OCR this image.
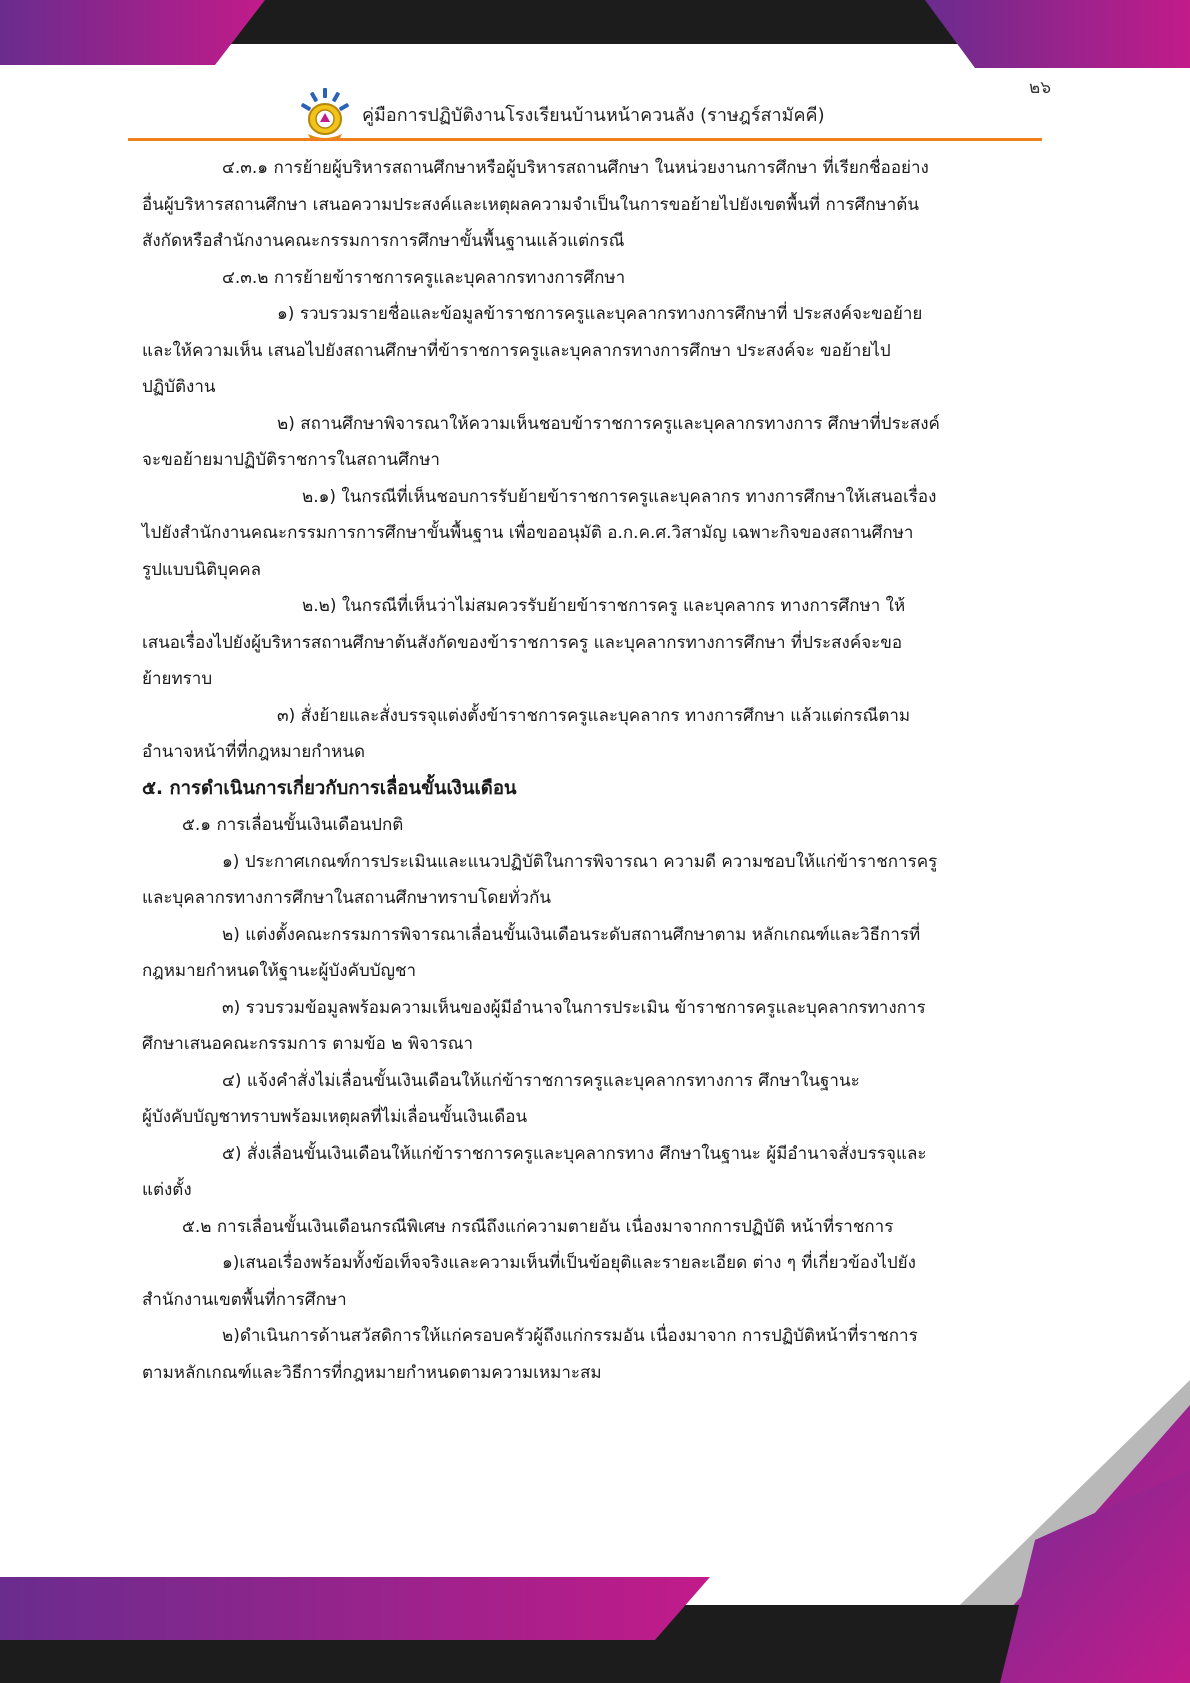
๒๖
คู่มือการปฏิบัติงานโรงเรียนบ้านหน้าควนลัง (ราษฎร์สามัคคี)

๔.๓.๑ การย้ายผู้บริหารสถานศึกษาหรือผู้บริหารสถานศึกษา ในหน่วยงานการศึกษา ที่เรียกชื่ออย่าง

อื่นผู้บริหารสถานศึกษา เสนอความประสงค์และเหตุผลความจำเป็นในการขอย้ายไปยังเขตพื้นที่ การศึกษาต้น

สังกัดหรือสำนักงานคณะกรรมการการศึกษาขั้นพื้นฐานแล้วแต่กรณี

๔.๓.๒ การย้ายข้าราชการครูและบุคลากรทางการศึกษา

๑) รวบรวมรายชื่อและข้อมูลข้าราชการครูและบุคลากรทางการศึกษาที่ ประสงค์จะขอย้าย

และให้ความเห็น เสนอไปยังสถานศึกษาที่ข้าราชการครูและบุคลากรทางการศึกษา ประสงค์จะ ขอย้ายไป

ปฏิบัติงาน

๒) สถานศึกษาพิจารณาให้ความเห็นชอบข้าราชการครูและบุคลากรทางการ ศึกษาที่ประสงค์

จะขอย้ายมาปฏิบัติราชการในสถานศึกษา

๒.๑) ในกรณีที่เห็นชอบการรับย้ายข้าราชการครูและบุคลากร ทางการศึกษาให้เสนอเรื่อง

ไปยังสำนักงานคณะกรรมการการศึกษาขั้นพื้นฐาน เพื่อขออนุมัติ อ.ก.ค.ศ.วิสามัญ เฉพาะกิจของสถานศึกษา

รูปแบบนิติบุคคล

๒.๒) ในกรณีที่เห็นว่าไม่สมควรรับย้ายข้าราชการครู และบุคลากร ทางการศึกษา ให้

เสนอเรื่องไปยังผู้บริหารสถานศึกษาต้นสังกัดของข้าราชการครู และบุคลากรทางการศึกษา ที่ประสงค์จะขอ

ย้ายทราบ

๓) สั่งย้ายและสั่งบรรจุแต่งตั้งข้าราชการครูและบุคลากร ทางการศึกษา แล้วแต่กรณีตาม

อำนาจหน้าที่ที่กฎหมายกำหนด

๕. การดำเนินการเกี่ยวกับการเลื่อนขั้นเงินเดือน

๕.๑ การเลื่อนขั้นเงินเดือนปกติ

๑) ประกาศเกณฑ์การประเมินและแนวปฏิบัติในการพิจารณา ความดี ความชอบให้แก่ข้าราชการครู

และบุคลากรทางการศึกษาในสถานศึกษาทราบโดยทั่วกัน

๒) แต่งตั้งคณะกรรมการพิจารณาเลื่อนขั้นเงินเดือนระดับสถานศึกษาตาม หลักเกณฑ์และวิธีการที่

กฎหมายกำหนดให้ฐานะผู้บังคับบัญชา

๓) รวบรวมข้อมูลพร้อมความเห็นของผู้มีอำนาจในการประเมิน ข้าราชการครูและบุคลากรทางการ

ศึกษาเสนอคณะกรรมการ ตามข้อ ๒ พิจารณา

๔) แจ้งคำสั่งไม่เลื่อนขั้นเงินเดือนให้แก่ข้าราชการครูและบุคลากรทางการ ศึกษาในฐานะ

ผู้บังคับบัญชาทราบพร้อมเหตุผลที่ไม่เลื่อนขั้นเงินเดือน

๕) สั่งเลื่อนขั้นเงินเดือนให้แก่ข้าราชการครูและบุคลากรทาง ศึกษาในฐานะ ผู้มีอำนาจสั่งบรรจุและ

แต่งตั้ง

๕.๒ การเลื่อนขั้นเงินเดือนกรณีพิเศษ กรณีถึงแก่ความตายอัน เนื่องมาจากการปฏิบัติ หน้าที่ราชการ

๑)เสนอเรื่องพร้อมทั้งข้อเท็จจริงและความเห็นที่เป็นข้อยุติและรายละเอียด ต่าง ๆ ที่เกี่ยวข้องไปยัง

สำนักงานเขตพื้นที่การศึกษา

๒)ดำเนินการด้านสวัสดิการให้แก่ครอบครัวผู้ถึงแก่กรรมอัน เนื่องมาจาก การปฏิบัติหน้าที่ราชการ

ตามหลักเกณฑ์และวิธีการที่กฎหมายกำหนดตามความเหมาะสม
